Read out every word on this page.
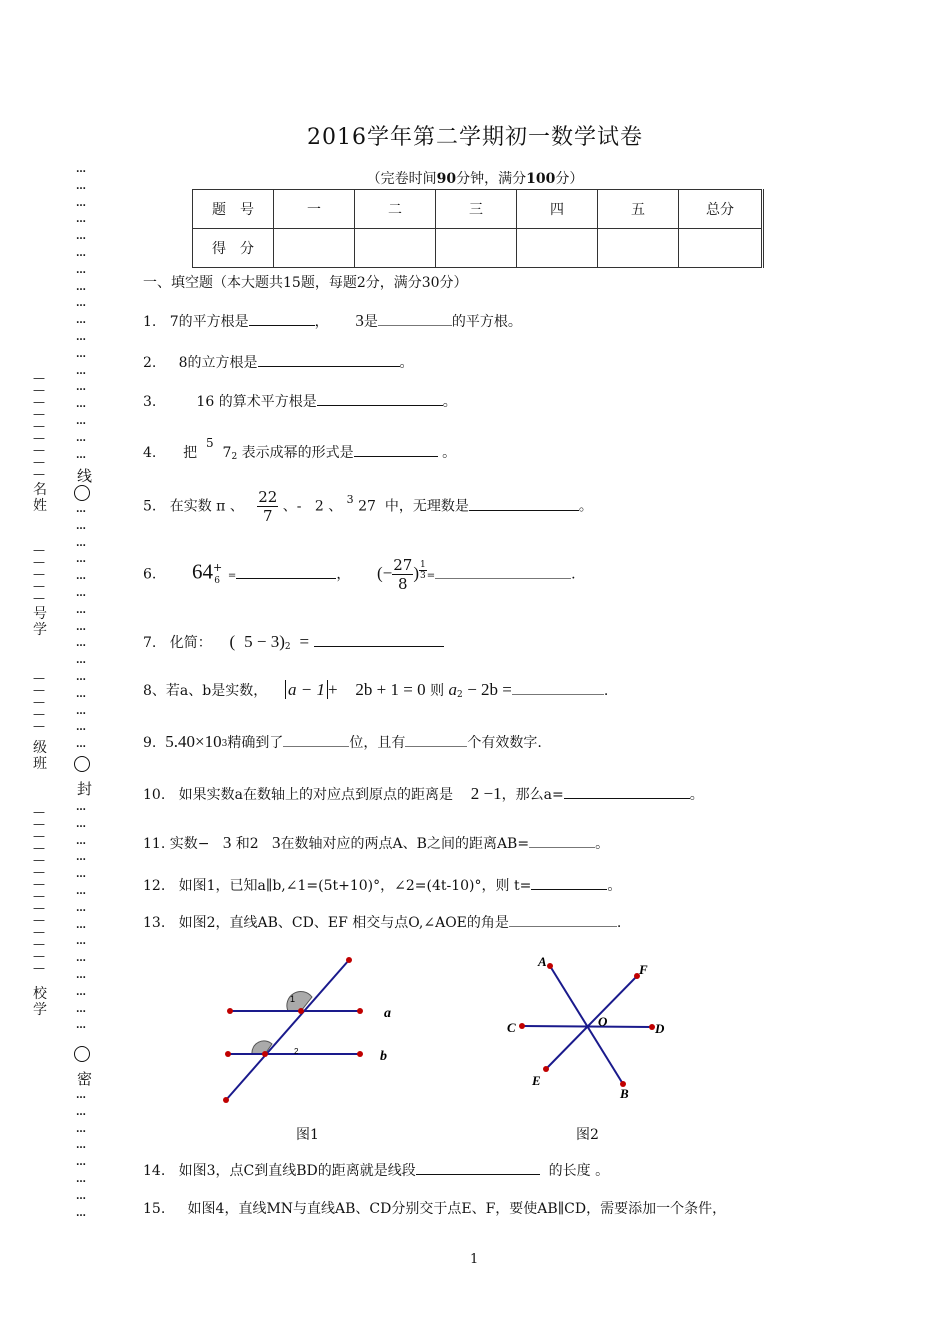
…
…
…
…
…
…
…
…
…
…
…
…
…
…
…
…
…
…
线
…
…
…
…
…
…
…
…
…
…
…
…
…
…
…
封
…
…
…
…
…
…
…
…
…
…
…
…
…
…
密
…
…
…
…
…
…
…
…
—
—
—
—
—
—
—
—
—
名
姓
—
—
—
—
—
号
学
—
—
—
—
—
级
班
—
—
—
—
—
—
—
—
—
—
—
—
—
—
校
学
2016学年第二学期初一数学试卷
（完卷时间90分钟，满分100分）
题　号	一	二	三	四	五	总分
得　分						
一、填空题（本大题共15题，每题2分，满分30分）
1. 7的平方根是	， 3是	的平方根。
2. 8的立方根是	。
3.	16 的算术平方根是	。
4. 把  5  72 表示成幂的形式是	。
5. 在实数 π 、 $\frac{22}{7}$ 、- 2 、 $^3$ 27 中，无理数是	。
6. $64^+_6$ =	， (− $\frac{27}{8}$ ) $\frac{1}{3}$ =	.
7. 化简： ( 5 − 3)2 =
8、若a、b是实数， a − 1 + 2b + 1 = 0 则 a2 − 2b =	.
9. 5.40×103精确到了	位，且有	个有效数字.
10. 如果实数a在数轴上的对应点到原点的距离是 2 −1，那么a=	。
11. 实数− 3 和2 3在数轴对应的两点A、B之间的距离AB=	。
12. 如图1，已知a∥b,∠1=(5t+10)°，∠2=(4t-10)°，则 t=	。
13. 如图2，直线AB、CD、EF 相交与点O,∠AOE的角是	.
1
2
a
b
图1
A
F
C	O	D
E
B
图2
14. 如图3，点C到直线BD的距离就是线段	的长度 。
15. 如图4，直线MN与直线AB、CD分别交于点E、F，要使AB∥CD，需要添加一个条件，
1
